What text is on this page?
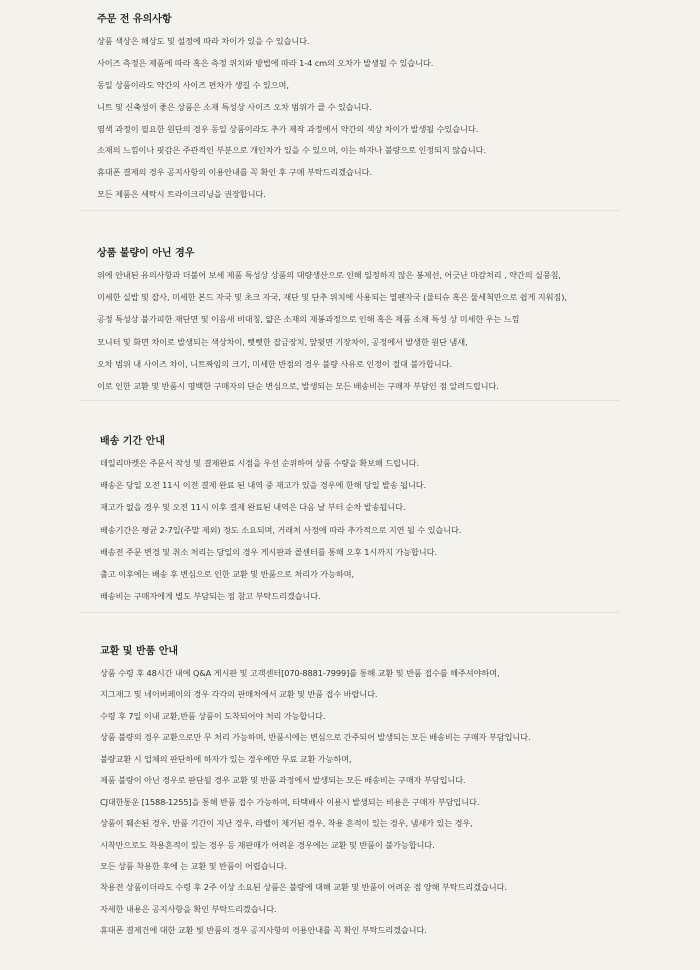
주문 전 유의사항
상품 색상은 해상도 및 설정에 따라 차이가 있을 수 있습니다.
사이즈 측정은 제품에 따라 혹은 측정 위치와 방법에 따라 1-4 cm의 오차가 발생될 수 있습니다.
동일 상품이라도 약간의 사이즈 편차가 생길 수 있으며,
니트 및 신축성이 좋은 상품은 소재 특성상 사이즈 오차 범위가 클 수 있습니다.
염색 과정이 필요한 원단의 경우 동일 상품이라도 추가 제작 과정에서 약간의 색상 차이가 발생될 수있습니다.
소재의 느낌이나 핏감은 주관적인 부분으로 개인차가 있을 수 있으며, 이는 하자나 불량으로 인정되지 않습니다.
휴대폰 결제의 경우 공지사항의 이용안내를 꼭 확인 후 구매 부탁드리겠습니다.
모든 제품은 세탁시 트라이크리닝을 권장합니다.
상품 불량이 아닌 경우
위에 안내된 유의사항과 더불어 보세 제품 특성상 상품의 대량생산으로 인해 일정하지 않은 봉제선, 어긋난 마감처리 , 약간의 실뭉침,
미세한 실밥 및 잡사, 미세한 본드 자국 및 초크 자국, 재단 및 단추 위치에 사용되는 열펜자국 (물티슈 혹은 물세척만으로 쉽게 지워짐),
공정 특성상 불가피한 재단면 및 이음새 비대칭, 얇은 소재의 재봉과정으로 인해 혹은 제품 소재 특성 상 미세한 우는 느낌
모니터 및 화면 차이로 발생되는 색상차이, 뻣뻣한 잡금장치, 앞뒷면 기장차이, 공정에서 발생한 원단 냄새,
오차 범위 내 사이즈 차이, 니트짜임의 크기, 미세한 반점의 경우 불량 사유로 인정이 절대 불가합니다.
이로 인한 교환 및 반품시 명백한 구매자의 단순 변심으로, 발생되는 모든 배송비는 구매자 부담인 점 알려드립니다.
배송 기간 안내
데일리마켓은 주문서 작성 및 결제완료 시점을 우선 순위하여 상품 수량을 확보해 드립니다.
배송은 당일 오전 11시 이전 결제 완료 된 내역 중 재고가 있을 경우에 한해 당일 발송 됩니다.
재고가 없을 경우 및 오전 11시 이후 결제 완료된 내역은 다음 날 부터 순차 발송됩니다.
배송기간은 평균 2-7일(주말 제외) 정도 소요되며, 거래처 사정에 따라 추가적으로 지연 될 수 있습니다.
배송전 주문 변경 및 취소 처리는 당일의 경우 게시판과 콜센터를 통해 오후 1시까지 가능합니다.
출고 이후에는 배송 후 변심으로 인한 교환 및 반품으로 처리가 가능하며,
배송비는 구매자에게 별도 부담되는 점 참고 부탁드리겠습니다.
교환 및 반품 안내
상품 수령 후 48시간 내에 Q&A 게시판 및 고객센터[070-8881-7999]를 통해 교환 및 반품 접수를 해주셔야하며,
지그재그 및 네이버페이의 경우 각각의 판매처에서 교환 및 반품 접수 바랍니다.
수령 후 7일 이내 교환,반품 상품이 도착되어야 처리 가능합니다.
상품 불량의 경우 교환으로만 무 처리 가능하며, 반품시에는 변심으로 간주되어 발생되는 모든 배송비는 구매자 부담입니다.
불량교환 시 업체의 판단하에 하자가 있는 경우에만 무료 교환 가능하며,
제품 불량이 아닌 경우로 판단될 경우 교환 및 반품 과정에서 발생되는 모든 배송비는 구매자 부담입니다.
CJ대한통운 [1588-1255]을 통해 반품 접수 가능하며, 타택배사 이용시 발생되는 비용은 구매자 부담입니다.
상품이 훼손된 경우, 반품 기간이 지난 경우, 라벨이 제거된 경우, 착용 흔적이 있는 경우, 냄새가 있는 경우,
시착만으로도 착용흔적이 있는 경우 등 재판매가 어려운 경우에는 교환 및 반품이 불가능합니다.
모든 상품 착용한 후에 는 교환 및 반품이 어렵습니다.
착용전 상품이더라도 수령 후 2주 이상 소요된 상품은 불량에 대해 교환 및 반품이 어려운 점 양해 부탁드리겠습니다.
자세한 내용은 공지사항을 확인 부탁드리겠습니다.
휴대폰 결제건에 대한 교환 빛 반품의 경우 공지사항의 이용안내를 꼭 확인 부탁드리겠습니다.
